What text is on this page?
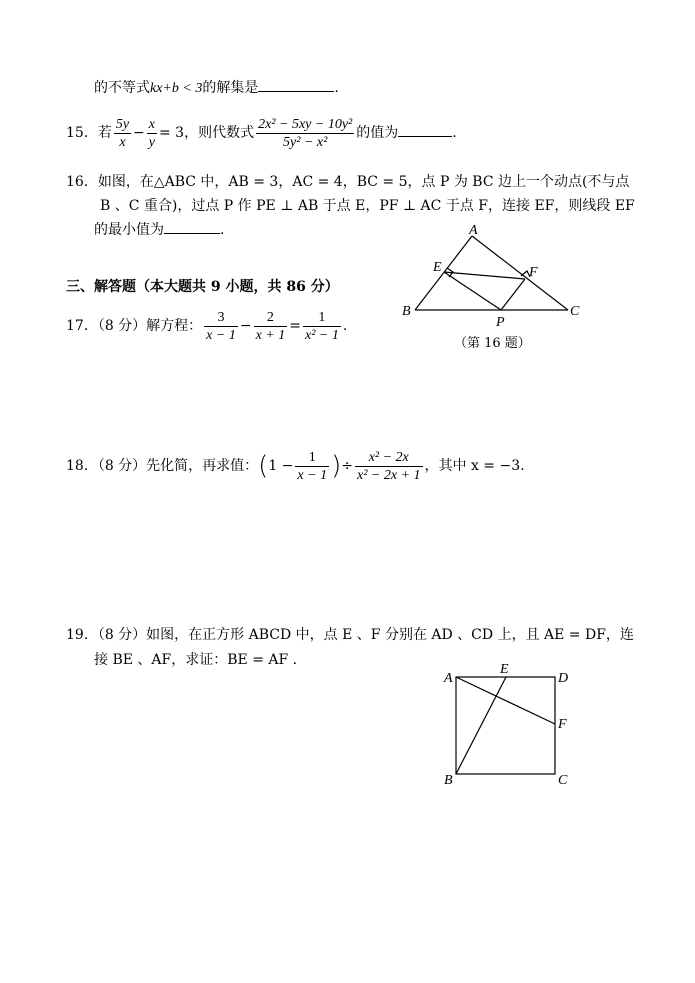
的不等式kx+b < 3的解集是	.
15．若 $\frac{5y}{x} - \frac{x}{y} = 3$，则代数式 $\frac{\text{2x² − 5xy − 10y²}}{\text{5y² − x²}}$ 的值为	.
16．如图，在△ABC 中，AB = 3，AC = 4，BC = 5，点 P 为 BC 边上一个动点(不与点
B 、C 重合)，过点 P 作 PE ⊥ AB 于点 E，PF ⊥ AC 于点 F，连接 EF，则线段 EF
的最小值为	.	A
B	C
E	F
P
（第 16 题）
三、解答题（本大题共 9 小题，共 86 分）
17．（8 分）解方程： $\frac{3}{x - 1} - \frac{2}{x + 1} = \frac{1}{\text{x² − 1}}$ .
18．（8 分）先化简，再求值：($1 - \frac{1}{x - 1}$ )÷ $\frac{\text{x² − 2x}}{\text{x² − 2x + 1}}$ ，其中 x = −3.
19．（8 分）如图，在正方形 ABCD 中，点 E 、F 分别在 AD 、CD 上，且 AE = DF，连
接 BE 、AF，求证：BE = AF .
A
B	C
D
E
F
